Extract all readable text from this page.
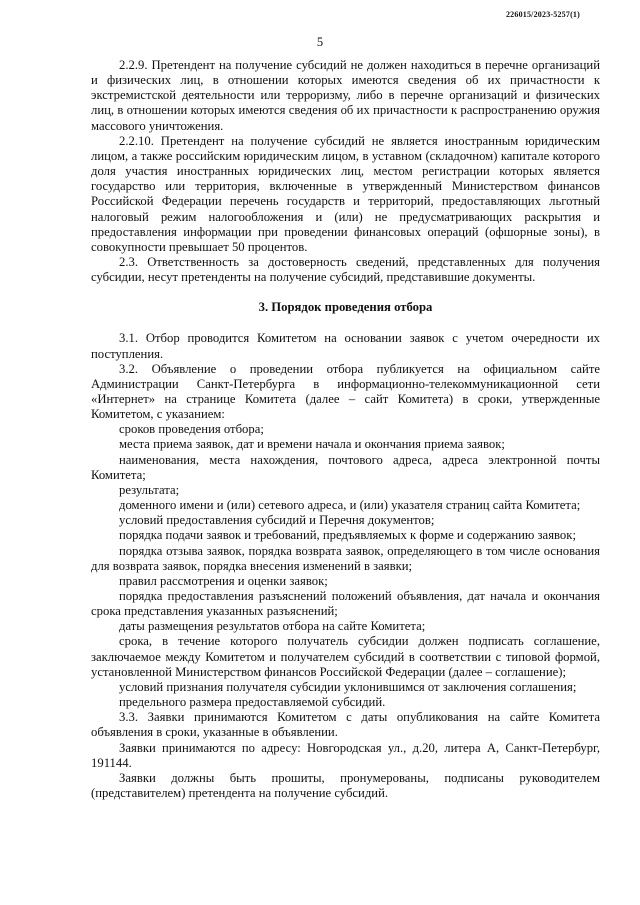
226015/2023-5257(1)
5

2.2.9. Претендент на получение субсидий не должен находиться в перечне организаций и физических лиц, в отношении которых имеются сведения об их причастности к экстремистской деятельности или терроризму, либо в перечне организаций и физических лиц, в отношении которых имеются сведения об их причастности к распространению оружия массового уничтожения.

2.2.10. Претендент на получение субсидий не является иностранным юридическим лицом, а также российским юридическим лицом, в уставном (складочном) капитале которого доля участия иностранных юридических лиц, местом регистрации которых является государство или территория, включенные в утвержденный Министерством финансов Российской Федерации перечень государств и территорий, предоставляющих льготный налоговый режим налогообложения и (или) не предусматривающих раскрытия и предоставления информации при проведении финансовых операций (офшорные зоны), в совокупности превышает 50 процентов.

2.3. Ответственность за достоверность сведений, представленных для получения субсидии, несут претенденты на получение субсидий, представившие документы.

3. Порядок проведения отбора

3.1. Отбор проводится Комитетом на основании заявок с учетом очередности их поступления.

3.2. Объявление о проведении отбора публикуется на официальном сайте Администрации Санкт-Петербурга в информационно-телекоммуникационной сети «Интернет» на странице Комитета (далее – сайт Комитета) в сроки, утвержденные Комитетом, с указанием:

сроков проведения отбора;

места приема заявок, дат и времени начала и окончания приема заявок;

наименования, места нахождения, почтового адреса, адреса электронной почты Комитета;

результата;

доменного имени и (или) сетевого адреса, и (или) указателя страниц сайта Комитета;

условий предоставления субсидий и Перечня документов;

порядка подачи заявок и требований, предъявляемых к форме и содержанию заявок;

порядка отзыва заявок, порядка возврата заявок, определяющего в том числе основания для возврата заявок, порядка внесения изменений в заявки;

правил рассмотрения и оценки заявок;

порядка предоставления разъяснений положений объявления, дат начала и окончания срока представления указанных разъяснений;

даты размещения результатов отбора на сайте Комитета;

срока, в течение которого получатель субсидии должен подписать соглашение, заключаемое между Комитетом и получателем субсидий в соответствии с типовой формой, установленной Министерством финансов Российской Федерации (далее – соглашение);

условий признания получателя субсидии уклонившимся от заключения соглашения;

предельного размера предоставляемой субсидий.

3.3. Заявки принимаются Комитетом с даты опубликования на сайте Комитета объявления в сроки, указанные в объявлении.

Заявки принимаются по адресу: Новгородская ул., д.20, литера А, Санкт-Петербург, 191144.

Заявки должны быть прошиты, пронумерованы, подписаны руководителем (представителем) претендента на получение субсидий.
